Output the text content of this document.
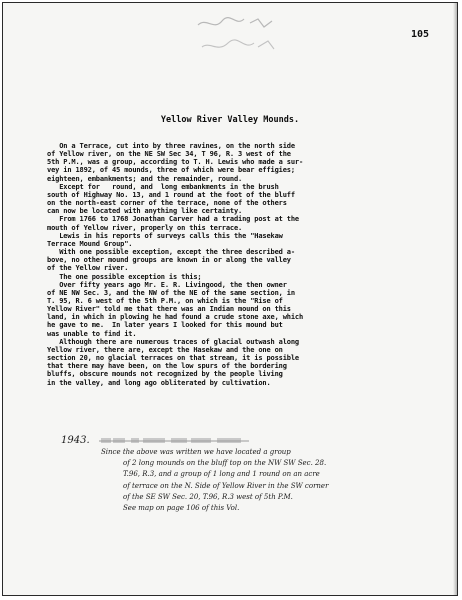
105
Yellow River Valley Mounds.
On a Terrace, cut into by three ravines, on the north side
of Yellow river, on the NE SW Sec 34, T 96, R. 3 west of the
5th P.M., was a group, according to T. H. Lewis who made a sur-
vey in 1892, of 45 mounds, three of which were bear effigies;
eighteen, embankments; and the remainder, round.
Except for   round, and  long embankments in the brush
south of Highway No. 13, and 1 round at the foot of the bluff
on the north-east corner of the terrace, none of the others
can now be located with anything like certainty.
From 1766 to 1768 Jonathan Carver had a trading post at the
mouth of Yellow river, properly on this terrace.
Lewis in his reports of surveys calls this the "Hasekaw
Terrace Mound Group".
With one possible exception, except the three described a-
bove, no other mound groups are known in or along the valley
of the Yellow river.
The one possible exception is this;
Over fifty years ago Mr. E. R. Livingood, the then owner
of NE NW Sec. 3, and the NW of the NE of the same section, in
T. 95, R. 6 west of the 5th P.M., on which is the "Rise of
Yellow River" told me that there was an Indian mound on this
land, in which in plowing he had found a crude stone axe, which
he gave to me.  In later years I looked for this mound but
was unable to find it.
Although there are numerous traces of glacial outwash along
Yellow river, there are, except the Hasekaw and the one on
section 20, no glacial terraces on that stream, it is possible
that there may have been, on the low spurs of the bordering
bluffs, obscure mounds not recognized by the people living
in the valley, and long ago obliterated by cultivation.
1943.
Since the above was written we have located a group
of 2 long mounds on the bluff top on the NW SW Sec. 28.
T.96, R.3, and a group of 1 long and 1 round on an acre
of terrace on the N. Side of Yellow River in the SW corner
of the SE SW Sec. 20, T.96, R.3 west of 5th P.M.
See map on page 106 of this Vol.
